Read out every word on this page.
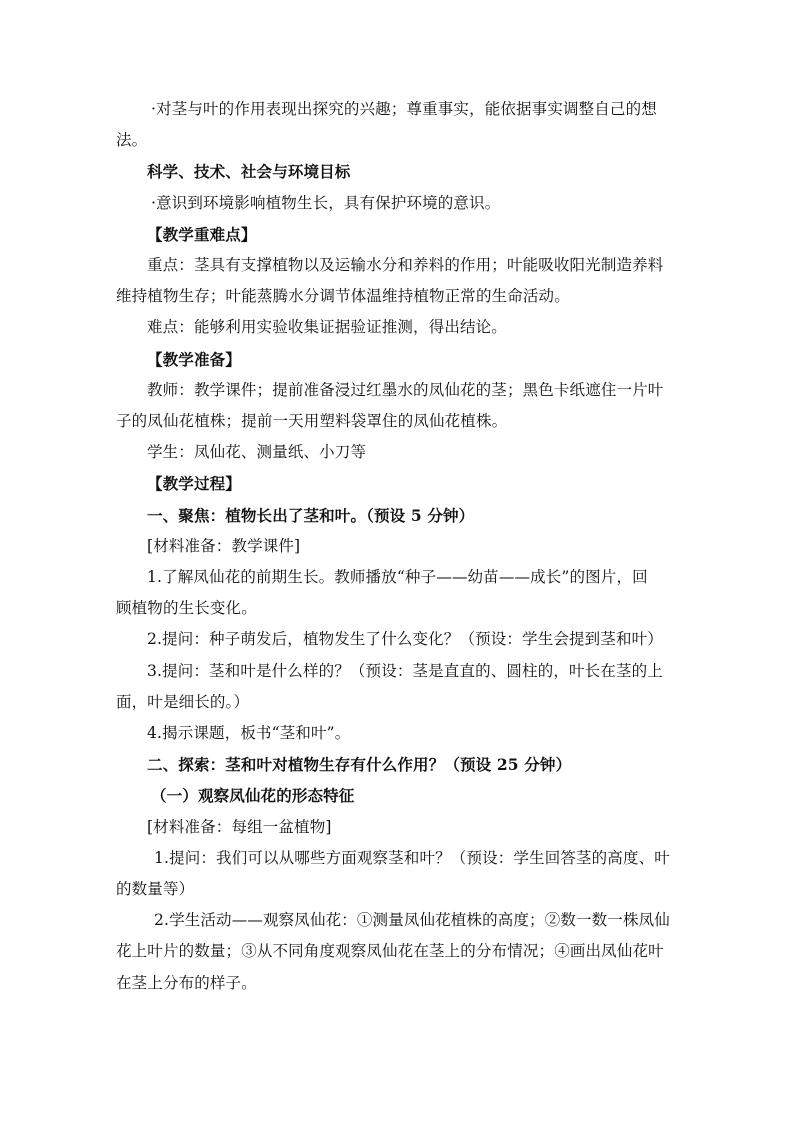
·对茎与叶的作用表现出探究的兴趣；尊重事实，能依据事实调整自己的想
法。
科学、技术、社会与环境目标
·意识到环境影响植物生长，具有保护环境的意识。
【教学重难点】
重点：茎具有支撑植物以及运输水分和养料的作用；叶能吸收阳光制造养料
维持植物生存；叶能蒸腾水分调节体温维持植物正常的生命活动。
难点：能够利用实验收集证据验证推测，得出结论。
【教学准备】
教师：教学课件；提前准备浸过红墨水的凤仙花的茎；黑色卡纸遮住一片叶
子的凤仙花植株；提前一天用塑料袋罩住的凤仙花植株。
学生：凤仙花、测量纸、小刀等
【教学过程】
一、聚焦：植物长出了茎和叶。（预设 5 分钟）
[材料准备：教学课件]
1.了解凤仙花的前期生长。教师播放“种子——幼苗——成长”的图片，回
顾植物的生长变化。
2.提问：种子萌发后，植物发生了什么变化？（预设：学生会提到茎和叶）
3.提问：茎和叶是什么样的？（预设：茎是直直的、圆柱的，叶长在茎的上
面，叶是细长的。）
4.揭示课题，板书“茎和叶”。
二、探索：茎和叶对植物生存有什么作用？（预设 25 分钟）
（一）观察凤仙花的形态特征
[材料准备：每组一盆植物]
1.提问：我们可以从哪些方面观察茎和叶？（预设：学生回答茎的高度、叶
的数量等）
2.学生活动——观察凤仙花：①测量凤仙花植株的高度；②数一数一株凤仙
花上叶片的数量；③从不同角度观察凤仙花在茎上的分布情况；④画出凤仙花叶
在茎上分布的样子。
